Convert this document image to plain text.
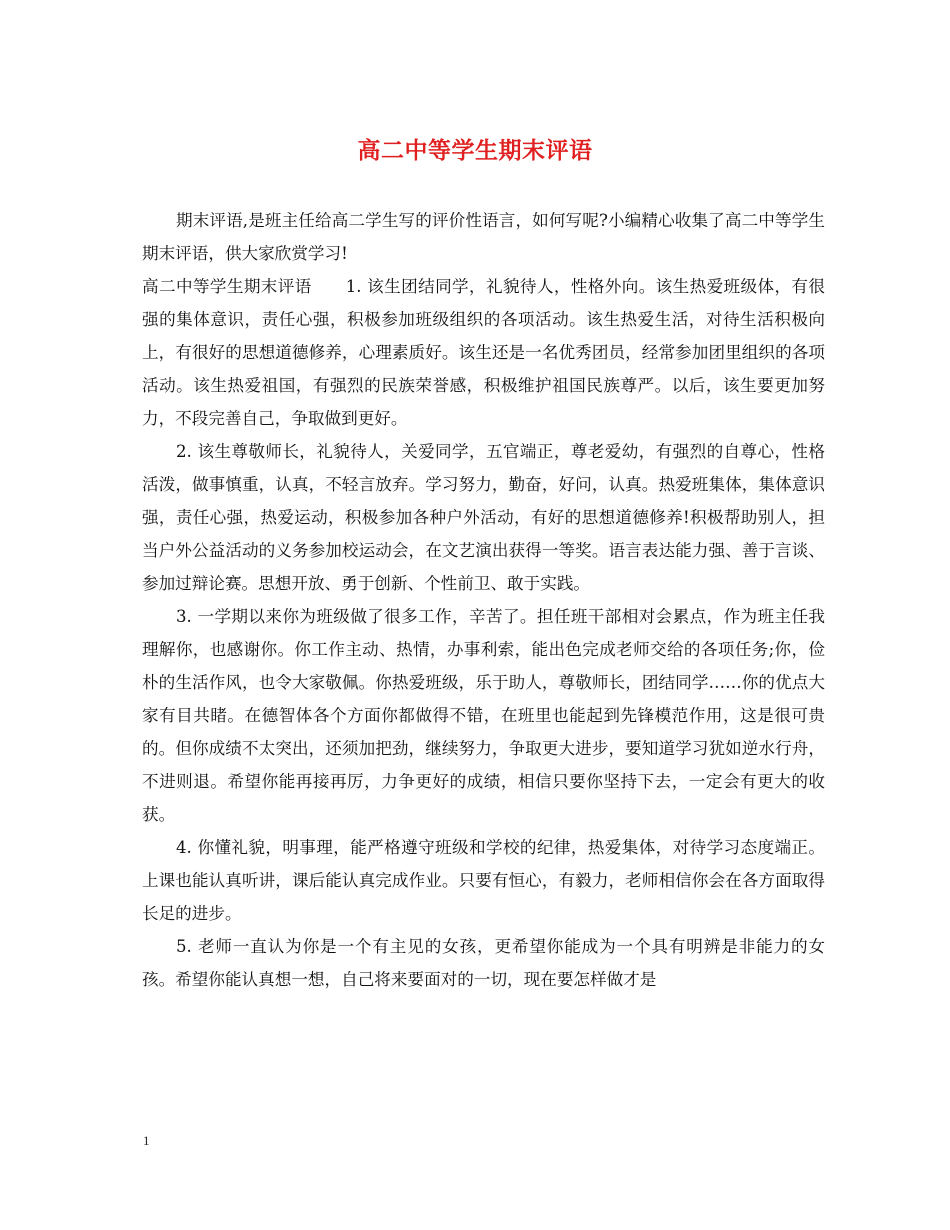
高二中等学生期末评语

期末评语,是班主任给高二学生写的评价性语言，如何写呢?小编精心收集了高二中等学生期末评语，供大家欣赏学习!

高二中等学生期末评语 1. 该生团结同学，礼貌待人，性格外向。该生热爱班级体，有很强的集体意识，责任心强，积极参加班级组织的各项活动。该生热爱生活，对待生活积极向上，有很好的思想道德修养，心理素质好。该生还是一名优秀团员，经常参加团里组织的各项活动。该生热爱祖国，有强烈的民族荣誉感，积极维护祖国民族尊严。以后，该生要更加努力，不段完善自己，争取做到更好。

2. 该生尊敬师长，礼貌待人，关爱同学，五官端正，尊老爱幼，有强烈的自尊心，性格活泼，做事慎重，认真，不轻言放弃。学习努力，勤奋，好问，认真。热爱班集体，集体意识强，责任心强，热爱运动，积极参加各种户外活动，有好的思想道德修养!积极帮助别人，担当户外公益活动的义务参加校运动会，在文艺演出获得一等奖。语言表达能力强、善于言谈、参加过辩论赛。思想开放、勇于创新、个性前卫、敢于实践。

3. 一学期以来你为班级做了很多工作，辛苦了。担任班干部相对会累点，作为班主任我理解你，也感谢你。你工作主动、热情，办事利索，能出色完成老师交给的各项任务;你，俭朴的生活作风，也令大家敬佩。你热爱班级，乐于助人，尊敬师长，团结同学……你的优点大家有目共睹。在德智体各个方面你都做得不错，在班里也能起到先锋模范作用，这是很可贵的。但你成绩不太突出，还须加把劲，继续努力，争取更大进步，要知道学习犹如逆水行舟，不进则退。希望你能再接再厉，力争更好的成绩，相信只要你坚持下去，一定会有更大的收获。

4. 你懂礼貌，明事理，能严格遵守班级和学校的纪律，热爱集体，对待学习态度端正。上课也能认真听讲，课后能认真完成作业。只要有恒心，有毅力，老师相信你会在各方面取得长足的进步。

5. 老师一直认为你是一个有主见的女孩，更希望你能成为一个具有明辨是非能力的女孩。希望你能认真想一想，自己将来要面对的一切，现在要怎样做才是

1
